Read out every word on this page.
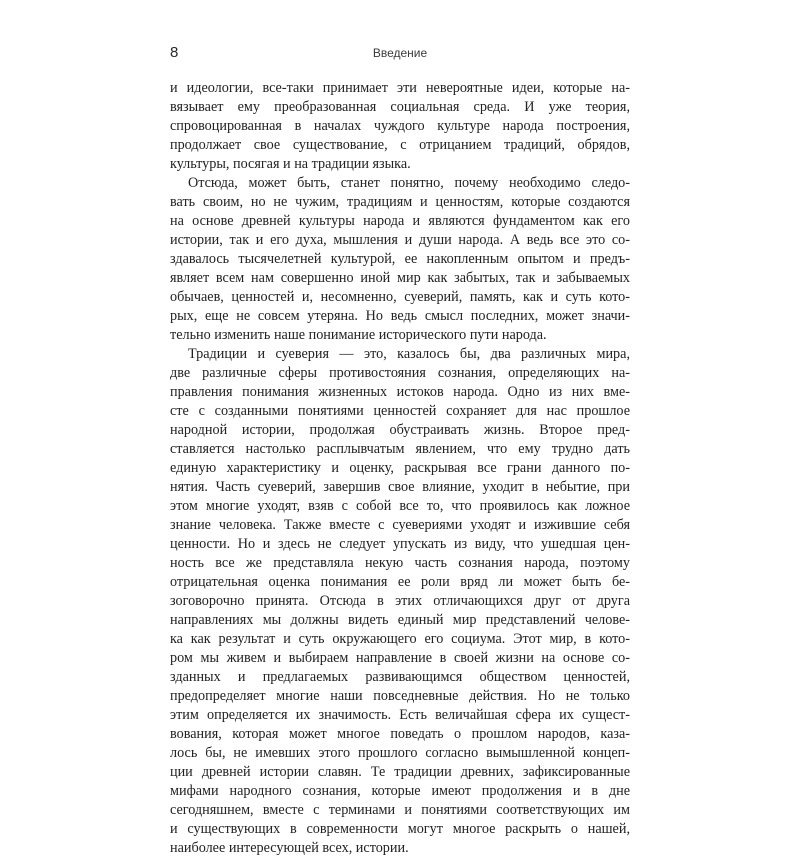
8	Введение
и идеологии, все-таки принимает эти невероятные идеи, которые на-
вязывает ему преобразованная социальная среда. И уже теория,
спровоцированная в началах чуждого культуре народа построения,
продолжает свое существование, с отрицанием традиций, обрядов,
культуры, посягая и на традиции языка.
Отсюда, может быть, станет понятно, почему необходимо следо-
вать своим, но не чужим, традициям и ценностям, которые создаются
на основе древней культуры народа и являются фундаментом как его
истории, так и его духа, мышления и души народа. А ведь все это со-
здавалось тысячелетней культурой, ее накопленным опытом и предъ-
являет всем нам совершенно иной мир как забытых, так и забываемых
обычаев, ценностей и, несомненно, суеверий, память, как и суть кото-
рых, еще не совсем утеряна. Но ведь смысл последних, может значи-
тельно изменить наше понимание исторического пути народа.
Традиции и суеверия — это, казалось бы, два различных мира,
две различные сферы противостояния сознания, определяющих на-
правления понимания жизненных истоков народа. Одно из них вме-
сте с созданными понятиями ценностей сохраняет для нас прошлое
народной истории, продолжая обустраивать жизнь. Второе пред-
ставляется настолько расплывчатым явлением, что ему трудно дать
единую характеристику и оценку, раскрывая все грани данного по-
нятия. Часть суеверий, завершив свое влияние, уходит в небытие, при
этом многие уходят, взяв с собой все то, что проявилось как ложное
знание человека. Также вместе с суевериями уходят и изжившие себя
ценности. Но и здесь не следует упускать из виду, что ушедшая цен-
ность все же представляла некую часть сознания народа, поэтому
отрицательная оценка понимания ее роли вряд ли может быть бе-
зоговорочно принята. Отсюда в этих отличающихся друг от друга
направлениях мы должны видеть единый мир представлений челове-
ка как результат и суть окружающего его социума. Этот мир, в кото-
ром мы живем и выбираем направление в своей жизни на основе со-
зданных и предлагаемых развивающимся обществом ценностей,
предопределяет многие наши повседневные действия. Но не только
этим определяется их значимость. Есть величайшая сфера их сущест-
вования, которая может многое поведать о прошлом народов, каза-
лось бы, не имевших этого прошлого согласно вымышленной концеп-
ции древней истории славян. Те традиции древних, зафиксированные
мифами народного сознания, которые имеют продолжения и в дне
сегодняшнем, вместе с терминами и понятиями соответствующих им
и существующих в современности могут многое раскрыть о нашей,
наиболее интересующей всех, истории.
